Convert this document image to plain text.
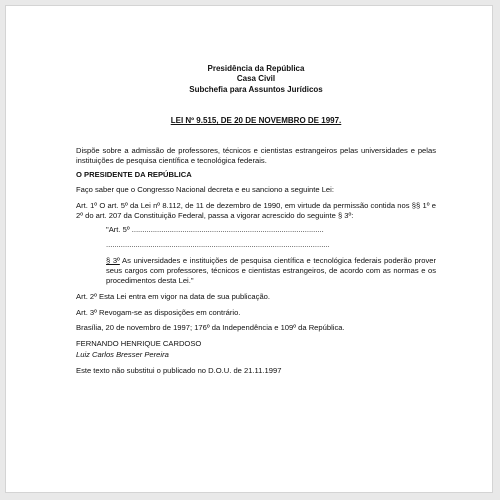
Presidência da República
Casa Civil
Subchefia para Assuntos Jurídicos
LEI Nº 9.515, DE 20 DE NOVEMBRO DE 1997.

Dispõe sobre a admissão de professores, técnicos e cientistas estrangeiros pelas universidades e pelas instituições de pesquisa científica e tecnológica federais.

O PRESIDENTE DA REPÚBLICA

Faço saber que o Congresso Nacional decreta e eu sanciono a seguinte Lei:

Art. 1º O art. 5º da Lei nº 8.112, de 11 de dezembro de 1990, em virtude da permissão contida nos §§ 1º e 2º do art. 207 da Constituição Federal, passa a vigorar acrescido do seguinte § 3º:

"Art. 5º ...........................................................................................

..........................................................................................................

§ 3º As universidades e instituições de pesquisa científica e tecnológica federais poderão prover seus cargos com professores, técnicos e cientistas estrangeiros, de acordo com as normas e os procedimentos desta Lei."

Art. 2º Esta Lei entra em vigor na data de sua publicação.

Art. 3º Revogam-se as disposições em contrário.

Brasília, 20 de novembro de 1997; 176º da Independência e 109º da República.

FERNANDO HENRIQUE CARDOSO

Luiz Carlos Bresser Pereira

Este texto não substitui o publicado no D.O.U. de 21.11.1997
